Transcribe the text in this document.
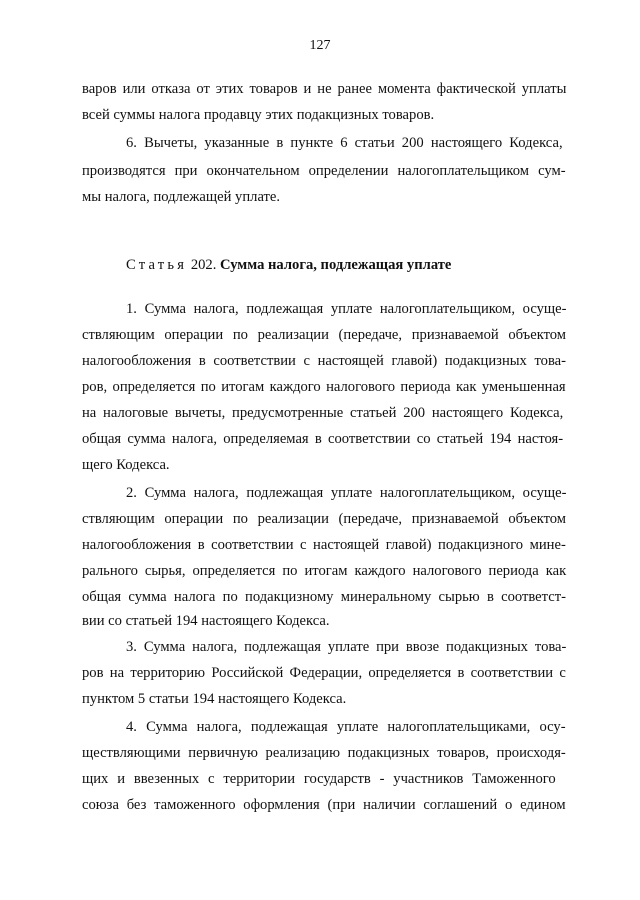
127
варов или отказа от этих товаров и не ранее момента фактической уплаты
всей суммы налога продавцу этих подакцизных товаров.
6. Вычеты, указанные в пункте 6 статьи 200 настоящего Кодекса,
производятся при окончательном определении налогоплательщиком сум-
мы налога, подлежащей уплате.
Статья 202. Сумма налога, подлежащая уплате
1. Сумма налога, подлежащая уплате налогоплательщиком, осуще-
ствляющим операции по реализации (передаче, признаваемой объектом
налогообложения в соответствии с настоящей главой) подакцизных това-
ров, определяется по итогам каждого налогового периода как уменьшенная
на налоговые вычеты, предусмотренные статьей 200 настоящего Кодекса,
общая сумма налога, определяемая в соответствии со статьей 194 настоя-
щего Кодекса.
2. Сумма налога, подлежащая уплате налогоплательщиком, осуще-
ствляющим операции по реализации (передаче, признаваемой объектом
налогообложения в соответствии с настоящей главой) подакцизного мине-
рального сырья, определяется по итогам каждого налогового периода как
общая сумма налога по подакцизному минеральному сырью в соответст-
вии со статьей 194 настоящего Кодекса.
3. Сумма налога, подлежащая уплате при ввозе подакцизных това-
ров на территорию Российской Федерации, определяется в соответствии с
пунктом 5 статьи 194 настоящего Кодекса.
4. Сумма налога, подлежащая уплате налогоплательщиками, осу-
ществляющими первичную реализацию подакцизных товаров, происходя-
щих и ввезенных с территории государств - участников Таможенного
союза без таможенного оформления (при наличии соглашений о едином
